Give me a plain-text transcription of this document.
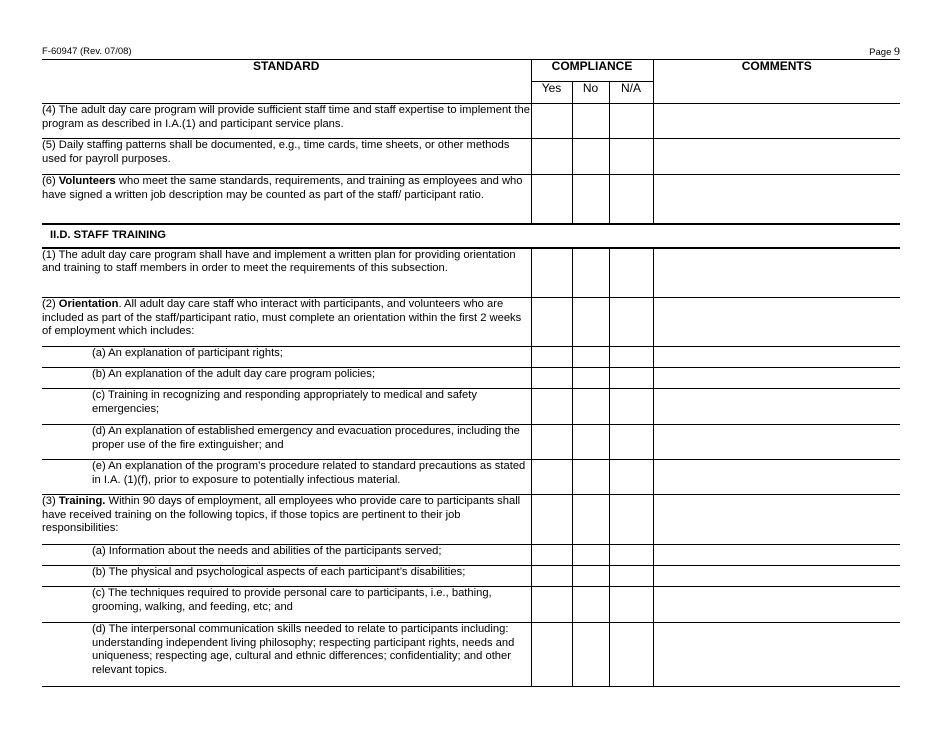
F-60947 (Rev. 07/08)	Page 9
STANDARD	COMPLIANCE			COMMENTS
	Yes	No	N/A	
(4) The adult day care program will provide sufficient staff time and staff expertise to implement the program as described in I.A.(1) and participant service plans.				
(5) Daily staffing patterns shall be documented, e.g., time cards, time sheets, or other methods used for payroll purposes.				
(6) Volunteers who meet the same standards, requirements, and training as employees and who have signed a written job description may be counted as part of the staff/ participant ratio.				
II.D. STAFF TRAINING				
(1) The adult day care program shall have and implement a written plan for providing orientation and training to staff members in order to meet the requirements of this subsection.				
(2) Orientation. All adult day care staff who interact with participants, and volunteers who are included as part of the staff/participant ratio, must complete an orientation within the first 2 weeks of employment which includes:				
(a) An explanation of participant rights;				
(b) An explanation of the adult day care program policies;				
(c) Training in recognizing and responding appropriately to medical and safety emergencies;				
(d) An explanation of established emergency and evacuation procedures, including the proper use of the fire extinguisher; and				
(e) An explanation of the program’s procedure related to standard precautions as stated in I.A. (1)(f), prior to exposure to potentially infectious material.				
(3) Training. Within 90 days of employment, all employees who provide care to participants shall have received training on the following topics, if those topics are pertinent to their job responsibilities:				
(a) Information about the needs and abilities of the participants served;				
(b) The physical and psychological aspects of each participant’s disabilities;				
(c) The techniques required to provide personal care to participants, i.e., bathing, grooming, walking, and feeding, etc; and				
(d) The interpersonal communication skills needed to relate to participants including: understanding independent living philosophy; respecting participant rights, needs and uniqueness; respecting age, cultural and ethnic differences; confidentiality; and other relevant topics.				
